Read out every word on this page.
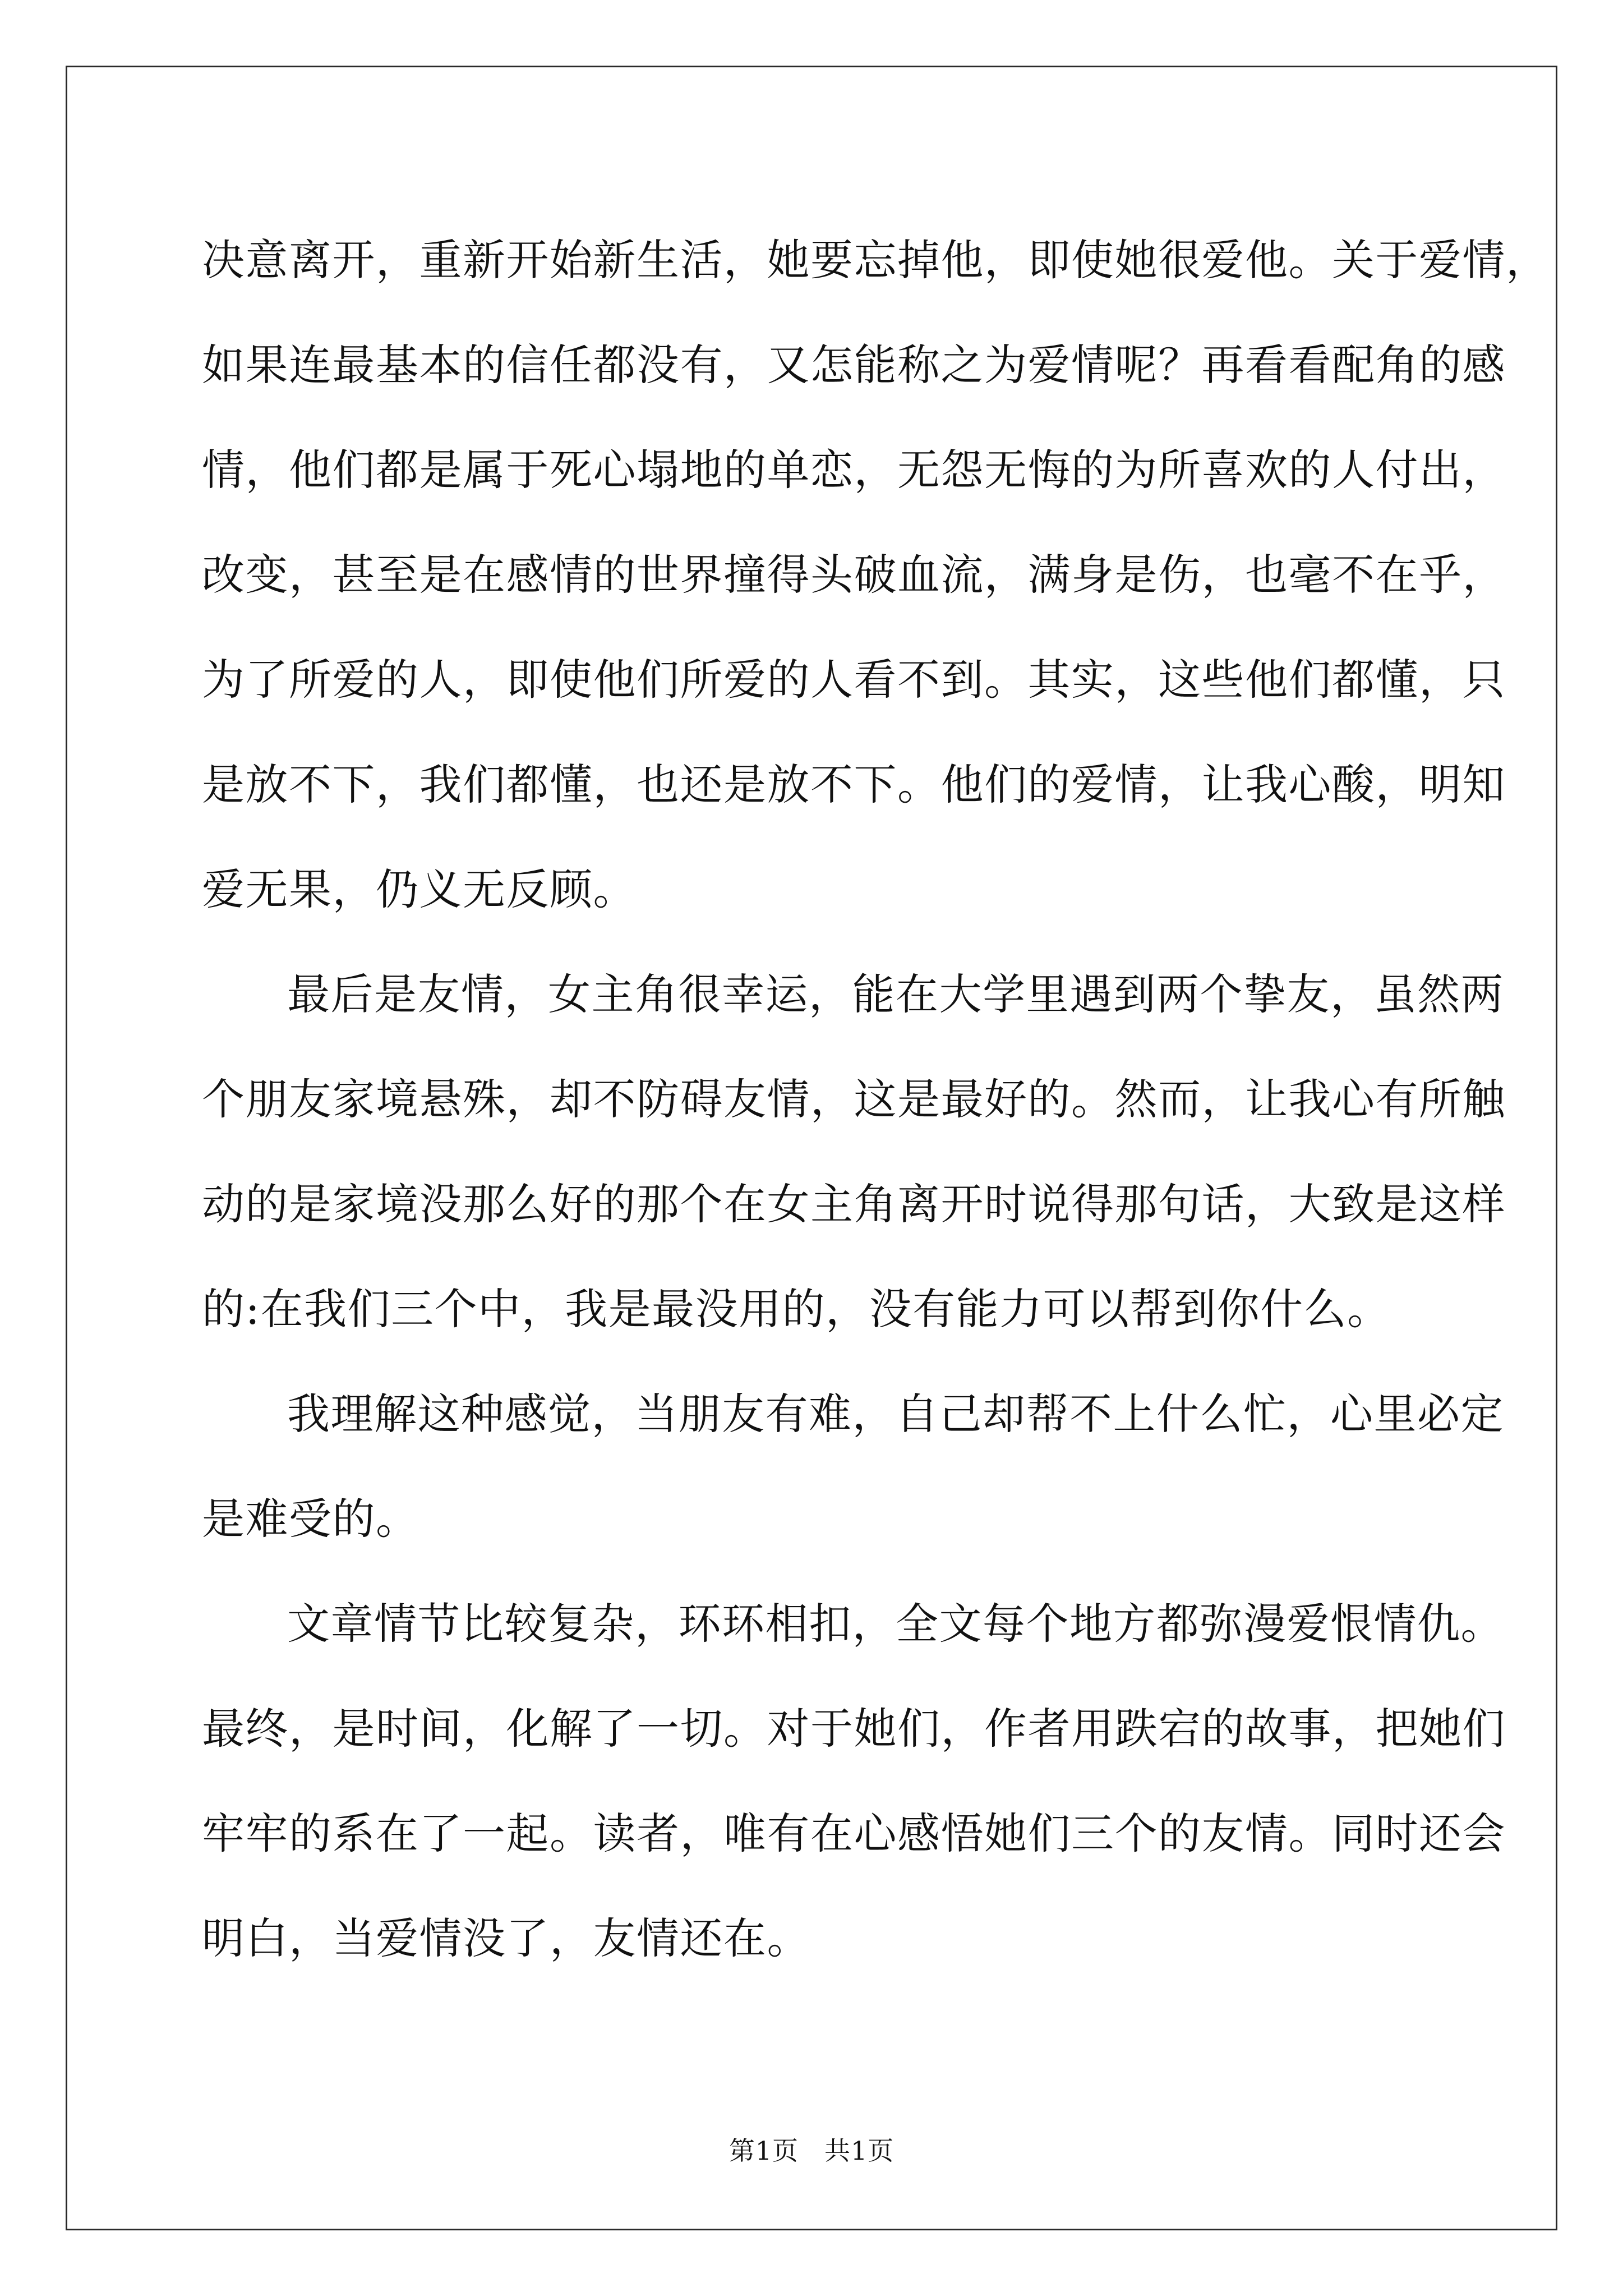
决意离开，重新开始新生活，她要忘掉他，即使她很爱他。关于爱情，
如果连最基本的信任都没有，又怎能称之为爱情呢？再看看配角的感
情，他们都是属于死心塌地的单恋，无怨无悔的为所喜欢的人付出，
改变，甚至是在感情的世界撞得头破血流，满身是伤，也毫不在乎，
为了所爱的人，即使他们所爱的人看不到。其实，这些他们都懂，只
是放不下，我们都懂，也还是放不下。他们的爱情，让我心酸，明知
爱无果，仍义无反顾。
最后是友情，女主角很幸运，能在大学里遇到两个挚友，虽然两
个朋友家境悬殊，却不防碍友情，这是最好的。然而，让我心有所触
动的是家境没那么好的那个在女主角离开时说得那句话，大致是这样
的:在我们三个中，我是最没用的，没有能力可以帮到你什么。
我理解这种感觉，当朋友有难，自己却帮不上什么忙，心里必定
是难受的。
文章情节比较复杂，环环相扣，全文每个地方都弥漫爱恨情仇。
最终，是时间，化解了一切。对于她们，作者用跌宕的故事，把她们
牢牢的系在了一起。读者，唯有在心感悟她们三个的友情。同时还会
明白，当爱情没了，友情还在。
第1页 共1页
